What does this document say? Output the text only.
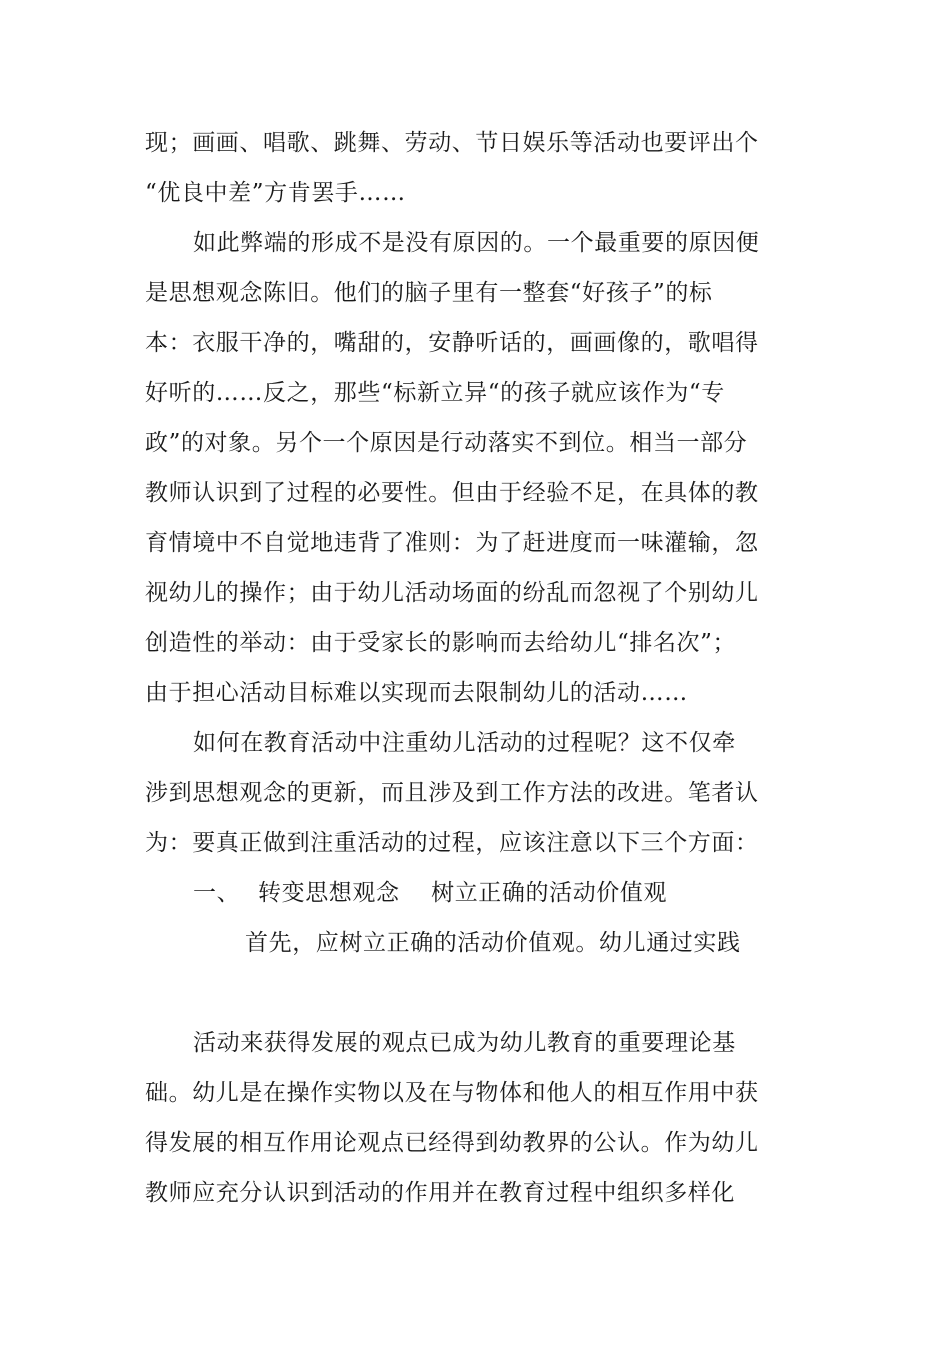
现；画画、唱歌、跳舞、劳动、节日娱乐等活动也要评出个
“优良中差”方肯罢手……
如此弊端的形成不是没有原因的。一个最重要的原因便
是思想观念陈旧。他们的脑子里有一整套“好孩子”的标
本：衣服干净的，嘴甜的，安静听话的，画画像的，歌唱得
好听的……反之，那些“标新立异“的孩子就应该作为“专
政”的对象。另个一个原因是行动落实不到位。相当一部分
教师认识到了过程的必要性。但由于经验不足，在具体的教
育情境中不自觉地违背了准则：为了赶进度而一味灌输，忽
视幼儿的操作；由于幼儿活动场面的纷乱而忽视了个别幼儿
创造性的举动：由于受家长的影响而去给幼儿“排名次”；
由于担心活动目标难以实现而去限制幼儿的活动……
如何在教育活动中注重幼儿活动的过程呢？这不仅牵
涉到思想观念的更新，而且涉及到工作方法的改进。笔者认
为：要真正做到注重活动的过程，应该注意以下三个方面：
一、 转变思想观念　 树立正确的活动价值观
首先，应树立正确的活动价值观。幼儿通过实践
活动来获得发展的观点已成为幼儿教育的重要理论基
础。幼儿是在操作实物以及在与物体和他人的相互作用中获
得发展的相互作用论观点已经得到幼教界的公认。作为幼儿
教师应充分认识到活动的作用并在教育过程中组织多样化
